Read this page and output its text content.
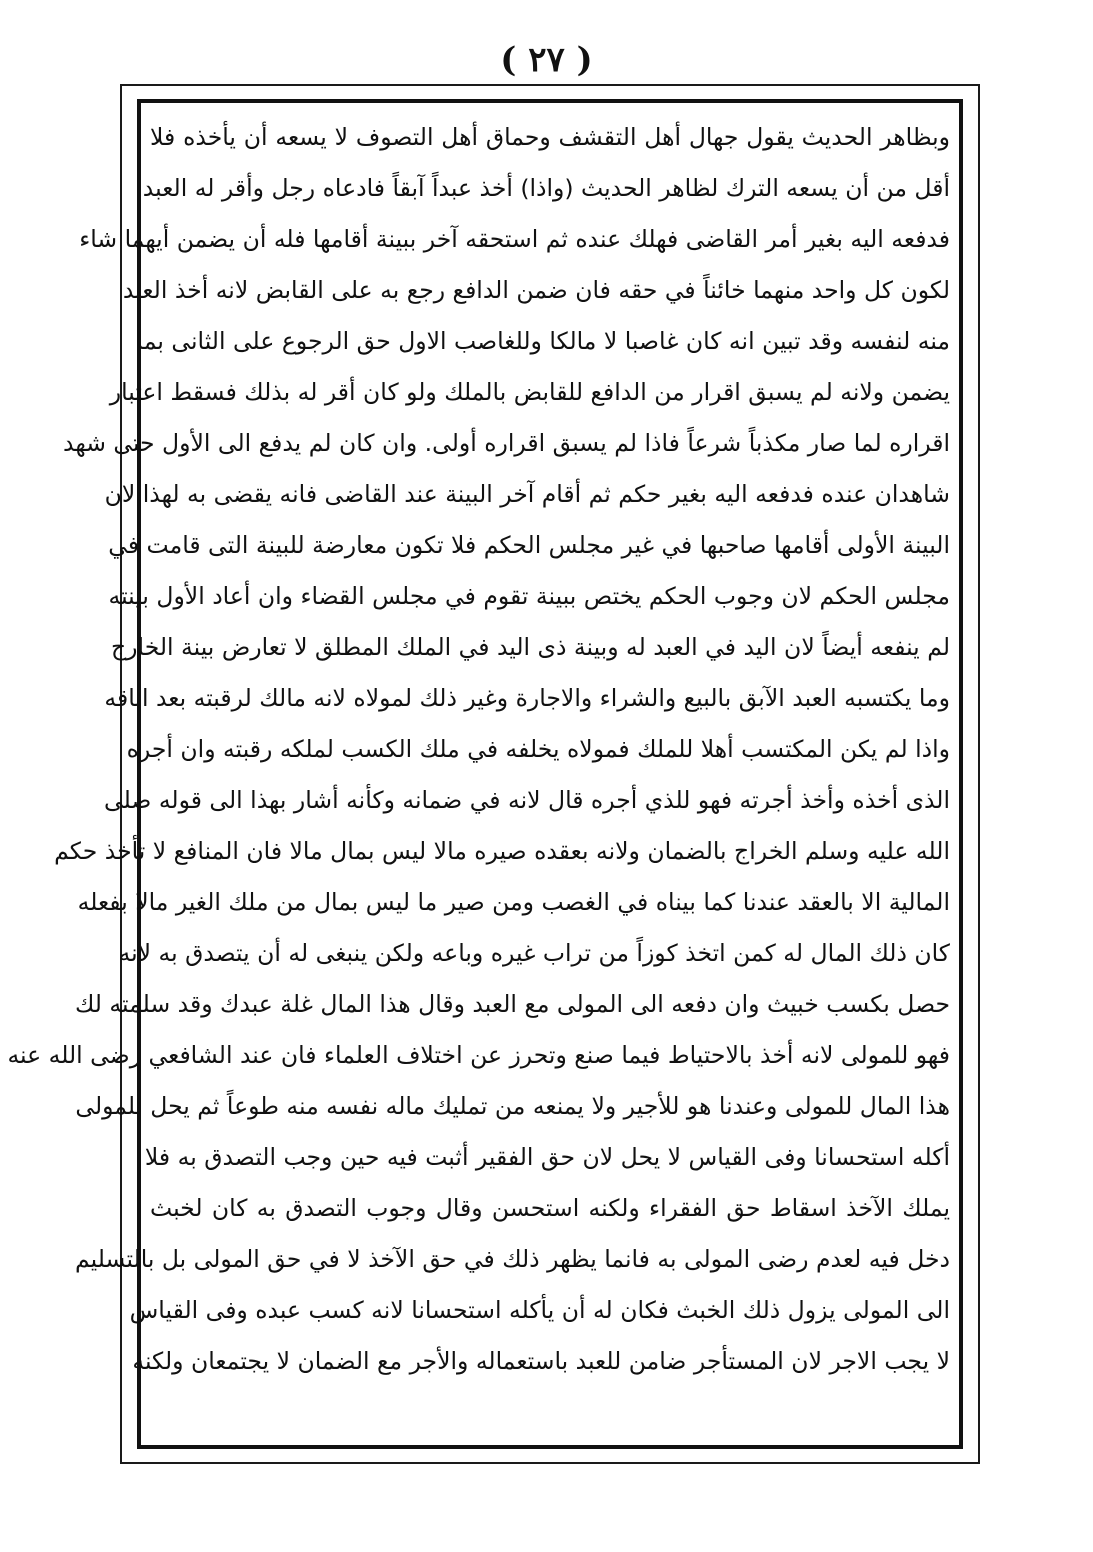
( ٢٧ )
وبظاهر الحديث يقول جهال أهل التقشف وحماق أهل التصوف لا يسعه أن يأخذه فلا
أقل من أن يسعه الترك لظاهر الحديث (واذا) أخذ عبداً آبقاً فادعاه رجل وأقر له العبد
فدفعه اليه بغير أمر القاضى فهلك عنده ثم استحقه آخر ببينة أقامها فله أن يضمن أيهما شاء
لكون كل واحد منهما خائناً في حقه فان ضمن الدافع رجع به على القابض لانه أخذ العبد
منه لنفسه وقد تبين انه كان غاصبا لا مالكا وللغاصب الاول حق الرجوع على الثانى بما
يضمن ولانه لم يسبق اقرار من الدافع للقابض بالملك ولو كان أقر له بذلك فسقط اعتبار
اقراره لما صار مكذباً شرعاً فاذا لم يسبق اقراره أولى. وان كان لم يدفع الى الأول حتى شهد
شاهدان عنده فدفعه اليه بغير حكم ثم أقام آخر البينة عند القاضى فانه يقضى به لهذا لان
البينة الأولى أقامها صاحبها في غير مجلس الحكم فلا تكون معارضة للبينة التى قامت في
مجلس الحكم لان وجوب الحكم يختص ببينة تقوم في مجلس القضاء وان أعاد الأول بينته
لم ينفعه أيضاً لان اليد في العبد له وبينة ذى اليد في الملك المطلق لا تعارض بينة الخارج
وما يكتسبه العبد الآبق بالبيع والشراء والاجارة وغير ذلك لمولاه لانه مالك لرقبته بعد اباقه
واذا لم يكن المكتسب أهلا للملك فمولاه يخلفه في ملك الكسب لملكه رقبته وان أجره
الذى أخذه وأخذ أجرته فهو للذي أجره قال لانه في ضمانه وكأنه أشار بهذا الى قوله صلى
الله عليه وسلم الخراج بالضمان ولانه بعقده صيره مالا ليس بمال مالا فان المنافع لا تأخذ حكم
المالية الا بالعقد عندنا كما بيناه في الغصب ومن صير ما ليس بمال من ملك الغير مالا بفعله
كان ذلك المال له كمن اتخذ كوزاً من تراب غيره وباعه ولكن ينبغى له أن يتصدق به لانه
حصل بكسب خبيث وان دفعه الى المولى مع العبد وقال هذا المال غلة عبدك وقد سلمته لك
فهو للمولى لانه أخذ بالاحتياط فيما صنع وتحرز عن اختلاف العلماء فان عند الشافعي رضى الله عنه
هذا المال للمولى وعندنا هو للأجير ولا يمنعه من تمليك ماله نفسه منه طوعاً ثم يحل للمولى
أكله استحسانا وفى القياس لا يحل لان حق الفقير أثبت فيه حين وجب التصدق به فلا
يملك الآخذ اسقاط حق الفقراء ولكنه استحسن وقال وجوب التصدق به كان لخبث
دخل فيه لعدم رضى المولى به فانما يظهر ذلك في حق الآخذ لا في حق المولى بل بالتسليم
الى المولى يزول ذلك الخبث فكان له أن يأكله استحسانا لانه كسب عبده وفى القياس
لا يجب الاجر لان المستأجر ضامن للعبد باستعماله والأجر مع الضمان لا يجتمعان ولكنه
